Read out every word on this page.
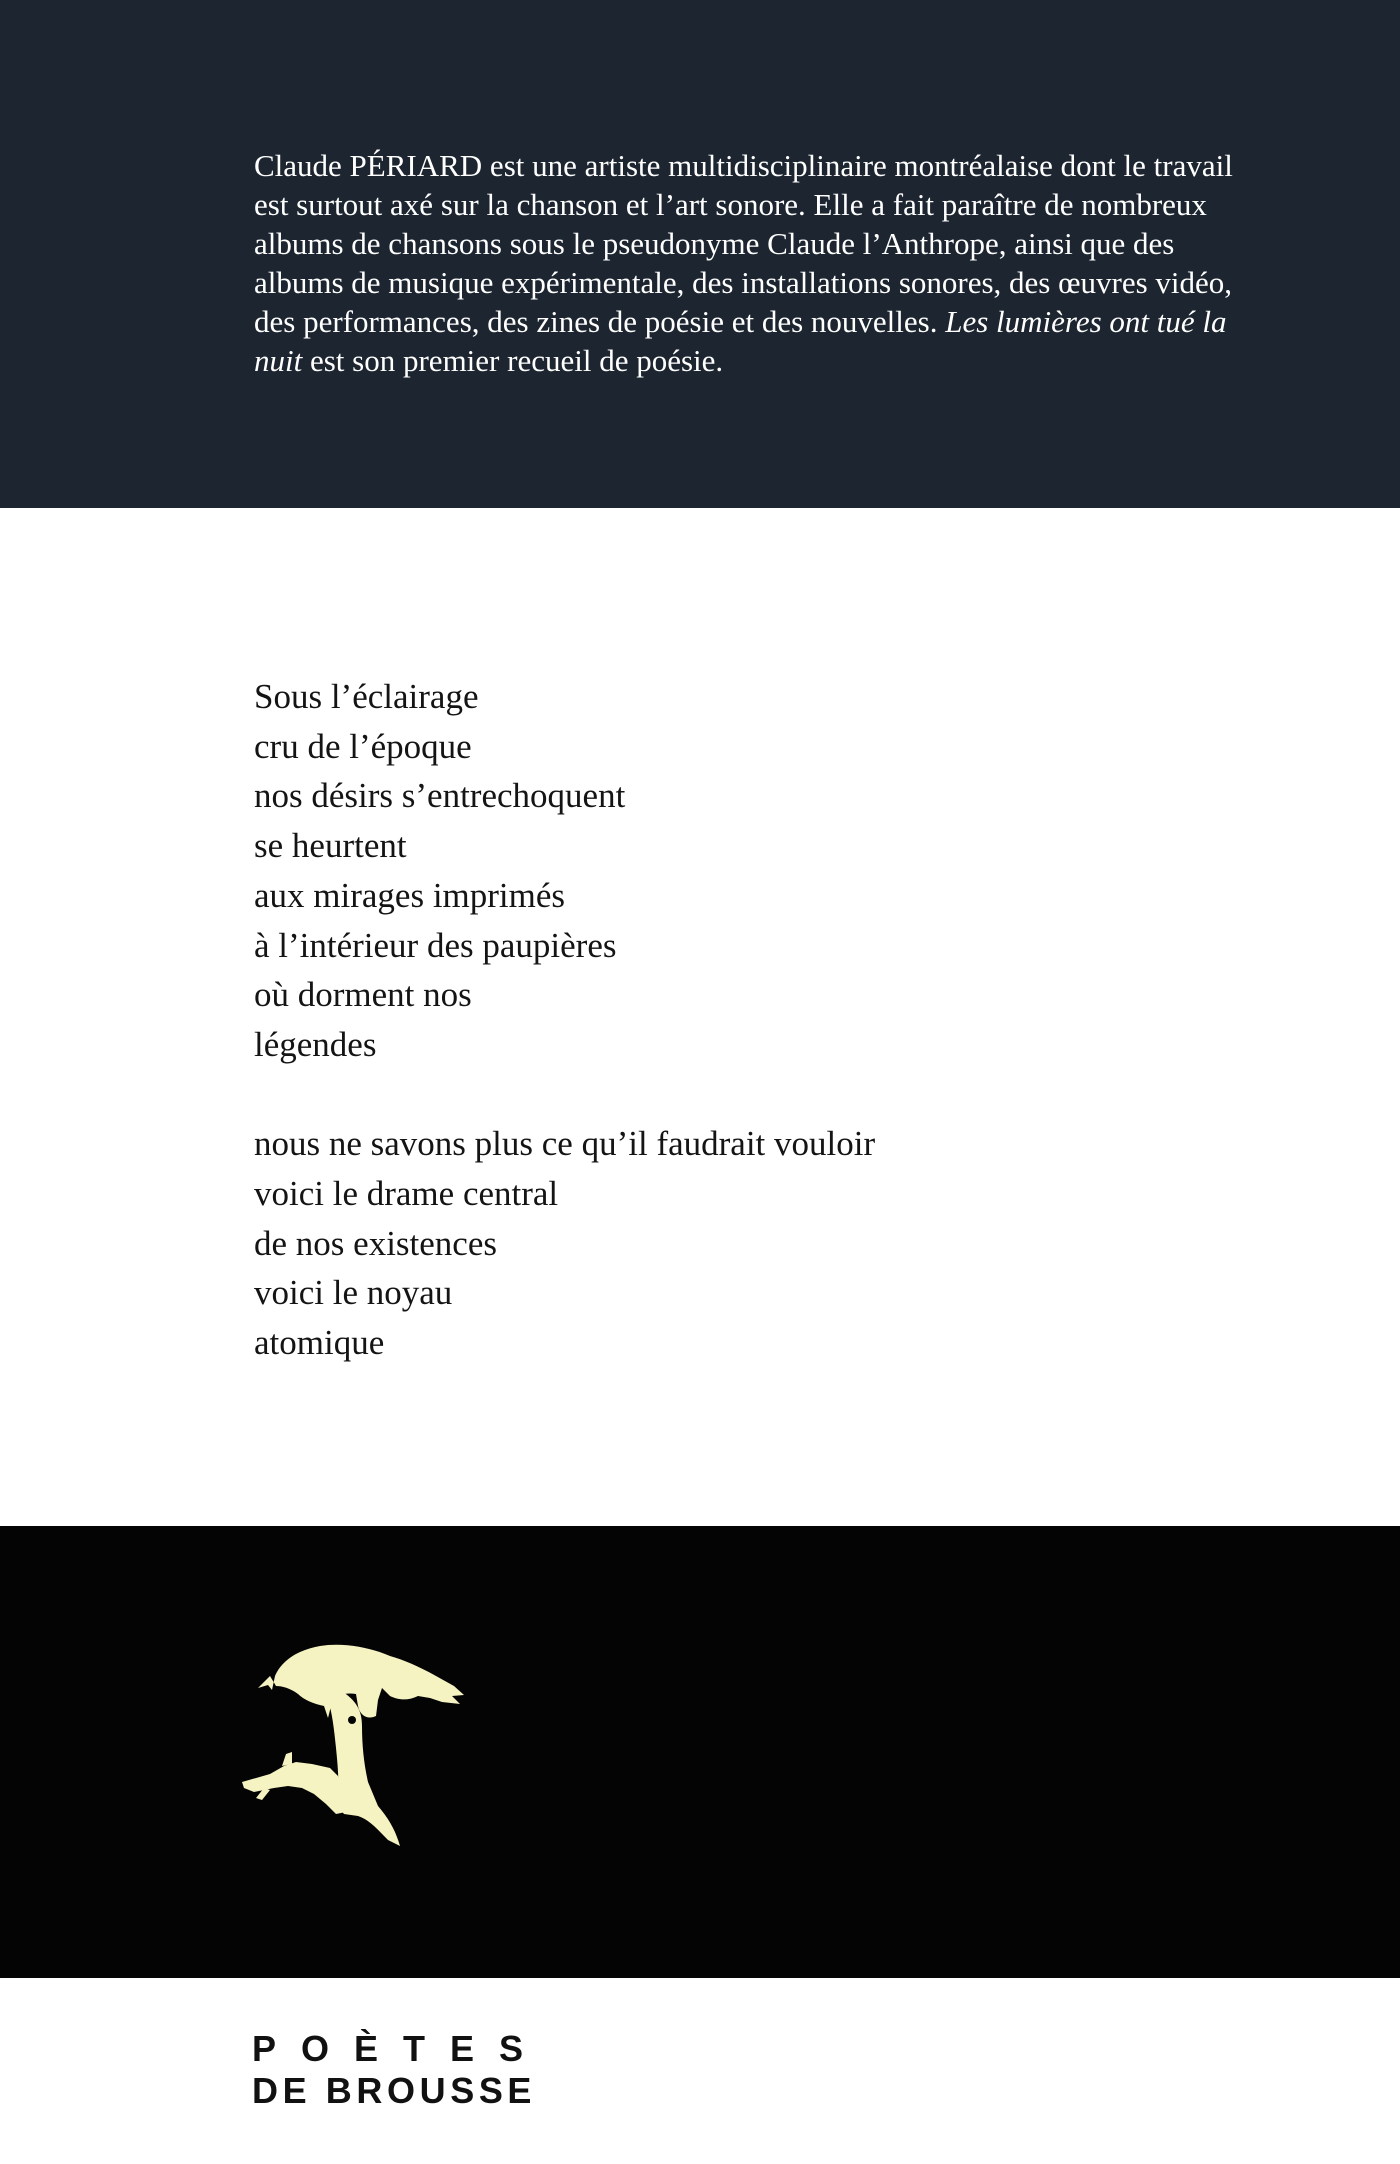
Claude PÉRIARD est une artiste multidisciplinaire montréalaise dont le travail est surtout axé sur la chanson et l’art sonore. Elle a fait paraître de nombreux albums de chansons sous le pseudonyme Claude l’Anthrope, ainsi que des albums de musique expérimentale, des installations sonores, des œuvres vidéo, des performances, des zines de poésie et des nouvelles. Les lumières ont tué la nuit est son premier recueil de poésie.

Sous l’éclairage
cru de l’époque
nos désirs s’entrechoquent
se heurtent
aux mirages imprimés
à l’intérieur des paupières
où dorment nos
légendes
nous ne savons plus ce qu’il faudrait vouloir
voici le drame central
de nos existences
voici le noyau
atomique
POÈTES
DE BROUSSE
